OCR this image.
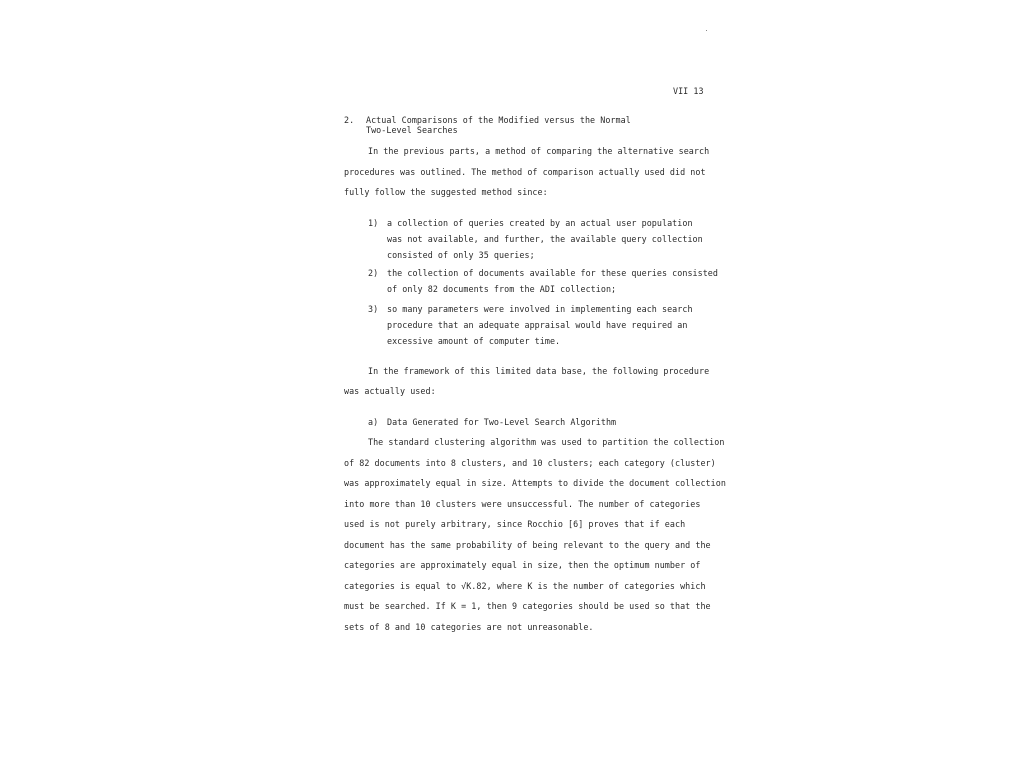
VII 13
2. Actual Comparisons of the Modified versus the Normal
Two-Level Searches
In the previous parts, a method of comparing the alternative search
procedures was outlined. The method of comparison actually used did not
fully follow the suggested method since:
1) a collection of queries created by an actual user population
was not available, and further, the available query collection
consisted of only 35 queries;
2) the collection of documents available for these queries consisted
of only 82 documents from the ADI collection;
3) so many parameters were involved in implementing each search
procedure that an adequate appraisal would have required an
excessive amount of computer time.
In the framework of this limited data base, the following procedure
was actually used:
a) Data Generated for Two-Level Search Algorithm
The standard clustering algorithm was used to partition the collection
of 82 documents into 8 clusters, and 10 clusters; each category (cluster)
was approximately equal in size. Attempts to divide the document collection
into more than 10 clusters were unsuccessful. The number of categories
used is not purely arbitrary, since Rocchio [6] proves that if each
document has the same probability of being relevant to the query and the
categories are approximately equal in size, then the optimum number of
categories is equal to √K.82, where K is the number of categories which
must be searched. If K = 1, then 9 categories should be used so that the
sets of 8 and 10 categories are not unreasonable.
